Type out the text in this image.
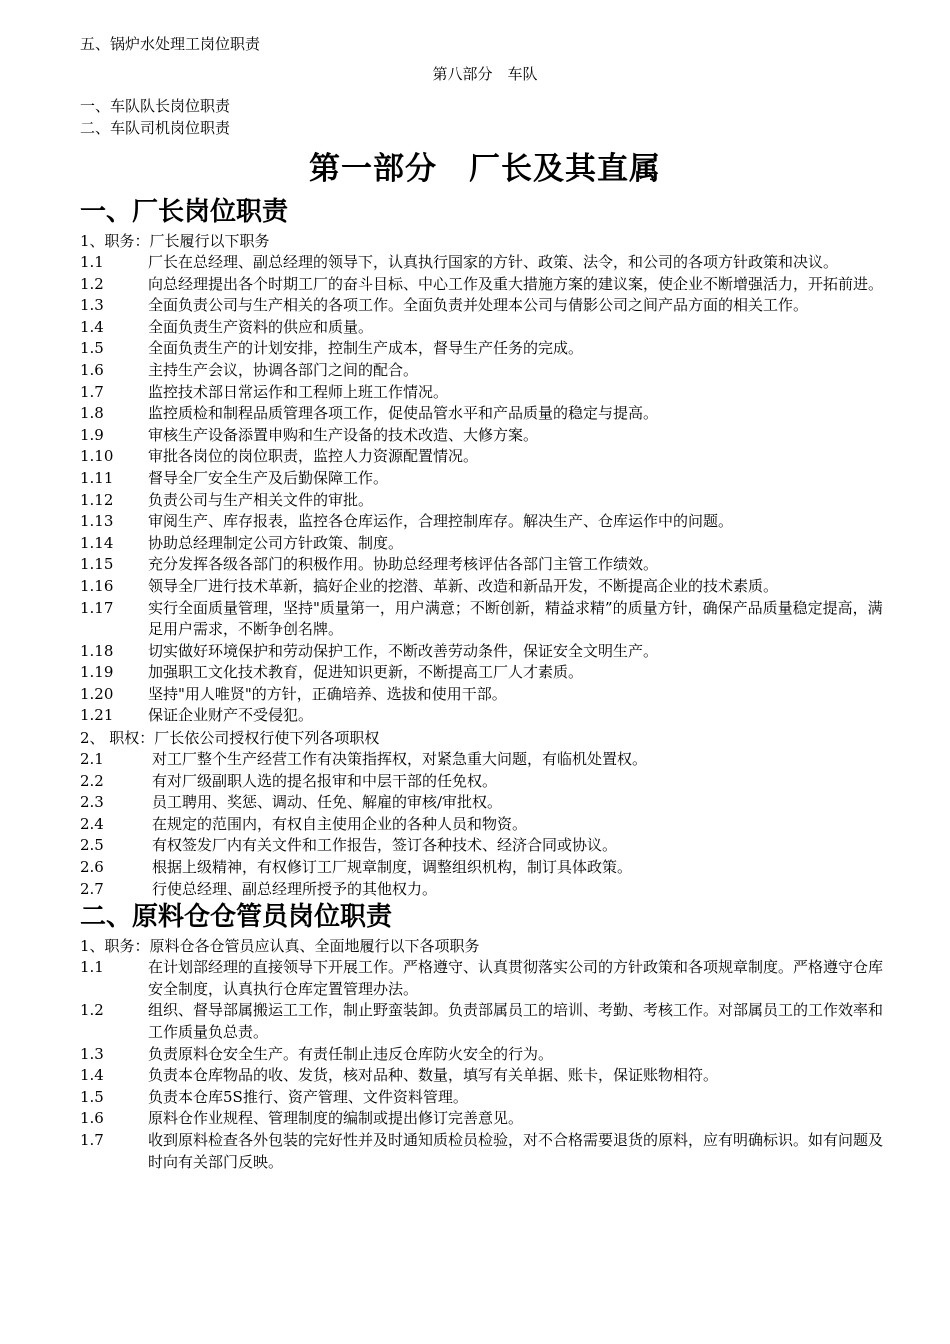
五、锅炉水处理工岗位职责
第八部分　车队
一、车队队长岗位职责
二、车队司机岗位职责
第一部分　厂长及其直属
一、厂长岗位职责
1、职务：厂长履行以下职务
1.1	厂长在总经理、副总经理的领导下，认真执行国家的方针、政策、法令，和公司的各项方针政策和决议。
1.2	向总经理提出各个时期工厂的奋斗目标、中心工作及重大措施方案的建议案，使企业不断增强活力，开拓前进。
1.3	全面负责公司与生产相关的各项工作。全面负责并处理本公司与倩影公司之间产品方面的相关工作。
1.4	全面负责生产资料的供应和质量。
1.5	全面负责生产的计划安排，控制生产成本，督导生产任务的完成。
1.6	主持生产会议，协调各部门之间的配合。
1.7	监控技术部日常运作和工程师上班工作情况。
1.8	监控质检和制程品质管理各项工作，促使品管水平和产品质量的稳定与提高。
1.9	审核生产设备添置申购和生产设备的技术改造、大修方案。
1.10	审批各岗位的岗位职责，监控人力资源配置情况。
1.11	督导全厂安全生产及后勤保障工作。
1.12	负责公司与生产相关文件的审批。
1.13	审阅生产、库存报表，监控各仓库运作，合理控制库存。解决生产、仓库运作中的问题。
1.14	协助总经理制定公司方针政策、制度。
1.15	充分发挥各级各部门的积极作用。协助总经理考核评估各部门主管工作绩效。
1.16	领导全厂进行技术革新，搞好企业的挖潜、革新、改造和新品开发，不断提高企业的技术素质。
1.17	实行全面质量管理，坚持"质量第一，用户满意；不断创新，精益求精”的质量方针，确保产品质量稳定提高，满足用户需求，不断争创名牌。
1.18	切实做好环境保护和劳动保护工作，不断改善劳动条件，保证安全文明生产。
1.19	加强职工文化技术教育，促进知识更新，不断提高工厂人才素质。
1.20	坚持"用人唯贤"的方针，正确培养、选拔和使用干部。
1.21	保证企业财产不受侵犯。
2、 职权：厂长依公司授权行使下列各项职权
2.1	对工厂整个生产经营工作有决策指挥权，对紧急重大问题，有临机处置权。
2.2	有对厂级副职人选的提名报审和中层干部的任免权。
2.3	员工聘用、奖惩、调动、任免、解雇的审核/审批权。
2.4	在规定的范围内，有权自主使用企业的各种人员和物资。
2.5	有权签发厂内有关文件和工作报告，签订各种技术、经济合同或协议。
2.6	根据上级精神，有权修订工厂规章制度，调整组织机构，制订具体政策。
2.7	行使总经理、副总经理所授予的其他权力。
二、原料仓仓管员岗位职责
1、职务：原料仓各仓管员应认真、全面地履行以下各项职务
1.1	在计划部经理的直接领导下开展工作。严格遵守、认真贯彻落实公司的方针政策和各项规章制度。严格遵守仓库安全制度，认真执行仓库定置管理办法。
1.2	组织、督导部属搬运工工作，制止野蛮装卸。负责部属员工的培训、考勤、考核工作。对部属员工的工作效率和工作质量负总责。
1.3	负责原料仓安全生产。有责任制止违反仓库防火安全的行为。
1.4	负责本仓库物品的收、发货，核对品种、数量，填写有关单据、账卡，保证账物相符。
1.5	负责本仓库5S推行、资产管理、文件资料管理。
1.6	原料仓作业规程、管理制度的编制或提出修订完善意见。
1.7	收到原料检查各外包装的完好性并及时通知质检员检验，对不合格需要退货的原料，应有明确标识。如有问题及时向有关部门反映。
